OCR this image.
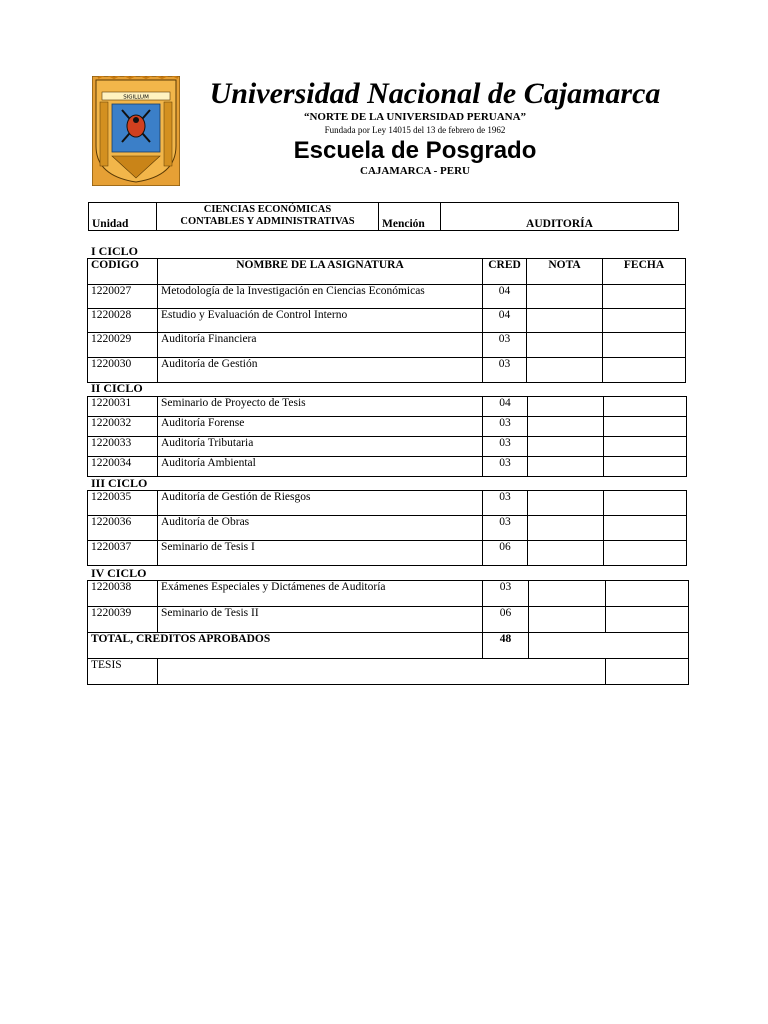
SIGILLUM	Universidad Nacional de Cajamarca
“NORTE DE LA UNIVERSIDAD PERUANA”
Fundada por Ley 14015 del 13 de febrero de 1962
Escuela de Posgrado
CAJAMARCA - PERU
Unidad	
CIENCIAS ECONÓMICAS
CONTABLES Y ADMINISTRATIVAS	Mención	AUDITORÍA
I CICLO
CODIGO	NOMBRE DE LA ASIGNATURA	CRED	NOTA	FECHA
1220027	Metodología de la Investigación en Ciencias Económicas	04		
1220028	Estudio y Evaluación de Control Interno	04		
1220029	Auditoría Financiera	03		
1220030	Auditoría de Gestión	03		
II CICLO
1220031	Seminario de Proyecto de Tesis	04		
1220032	Auditoría Forense	03		
1220033	Auditoría Tributaria	03		
1220034	Auditoría Ambiental	03		
III CICLO
1220035	Auditoría de Gestión de Riesgos	03		
1220036	Auditoría de Obras	03		
1220037	Seminario de Tesis I	06		
IV CICLO
1220038	Exámenes Especiales y Dictámenes de Auditoría	03		
1220039	Seminario de Tesis II	06		
TOTAL, CREDITOS APROBADOS		48		
TESIS				
